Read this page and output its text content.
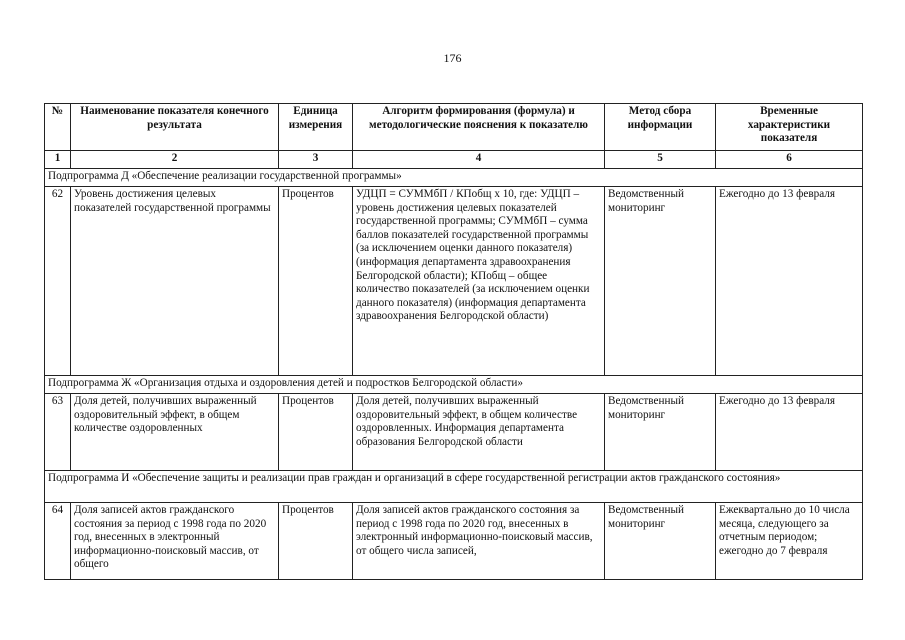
176
№	Наименование показателя конечного результата	Единица измерения	Алгоритм формирования (формула) и методологические пояснения к показателю	Метод сбора информации	Временные характеристики показателя
1	2	3	4	5	6
Подпрограмма Д «Обеспечение реализации государственной программы»					
62	Уровень достижения целевых показателей государственной программы	Процентов	УДЦП = СУММбП / КПобщ х 10, где: УДЦП – уровень достижения целевых показателей государственной программы; СУММбП – сумма баллов показателей государственной программы (за исключением оценки данного показателя) (информация департамента здравоохранения Белгородской области); КПобщ – общее количество показателей (за исключением оценки данного показателя) (информация департамента здравоохранения Белгородской области)	Ведомственный мониторинг	Ежегодно до 13 февраля
Подпрограмма Ж «Организация отдыха и оздоровления детей и подростков Белгородской области»					
63	Доля детей, получивших выраженный оздоровительный эффект, в общем количестве оздоровленных	Процентов	Доля детей, получивших выраженный оздоровительный эффект, в общем количестве оздоровленных. Информация департамента образования Белгородской области	Ведомственный мониторинг	Ежегодно до 13 февраля
Подпрограмма И «Обеспечение защиты и реализации прав граждан и организаций в сфере государственной регистрации актов гражданского состояния»					
64	Доля записей актов гражданского состояния за период с 1998 года по 2020 год, внесенных в электронный информационно-поисковый массив, от общего	Процентов	Доля записей актов гражданского состояния за период с 1998 года по 2020 год, внесенных в электронный информационно-поисковый массив, от общего числа записей,	Ведомственный мониторинг	Ежеквартально до 10 числа месяца, следующего за отчетным периодом; ежегодно до 7 февраля
